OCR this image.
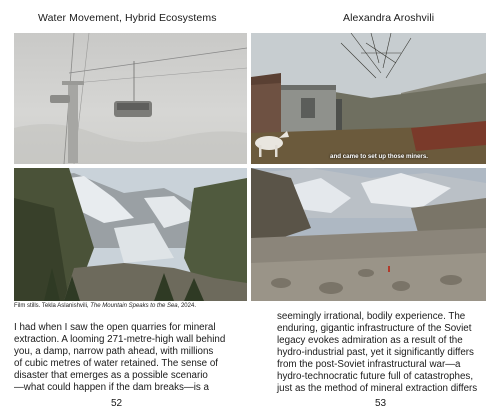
Water Movement, Hybrid Ecosystems	Alexandra Aroshvili
and came to set up those miners.
Film stills. Tekla Aslanishvili, The Mountain Speaks to the Sea, 2024.
I had when I saw the open quarries for mineral
extraction. A looming 271-metre-high wall behind
you, a damp, narrow path ahead, with millions
of cubic metres of water retained. The sense of
disaster that emerges as a possible scenario
—what could happen if the dam breaks—is a
seemingly irrational, bodily experience. The
enduring, gigantic infrastructure of the Soviet
legacy evokes admiration as a result of the
hydro-industrial past, yet it significantly differs
from the post-Soviet infrastructural war—a
hydro-technocratic future full of catastrophes,
just as the method of mineral extraction differs
52	53
